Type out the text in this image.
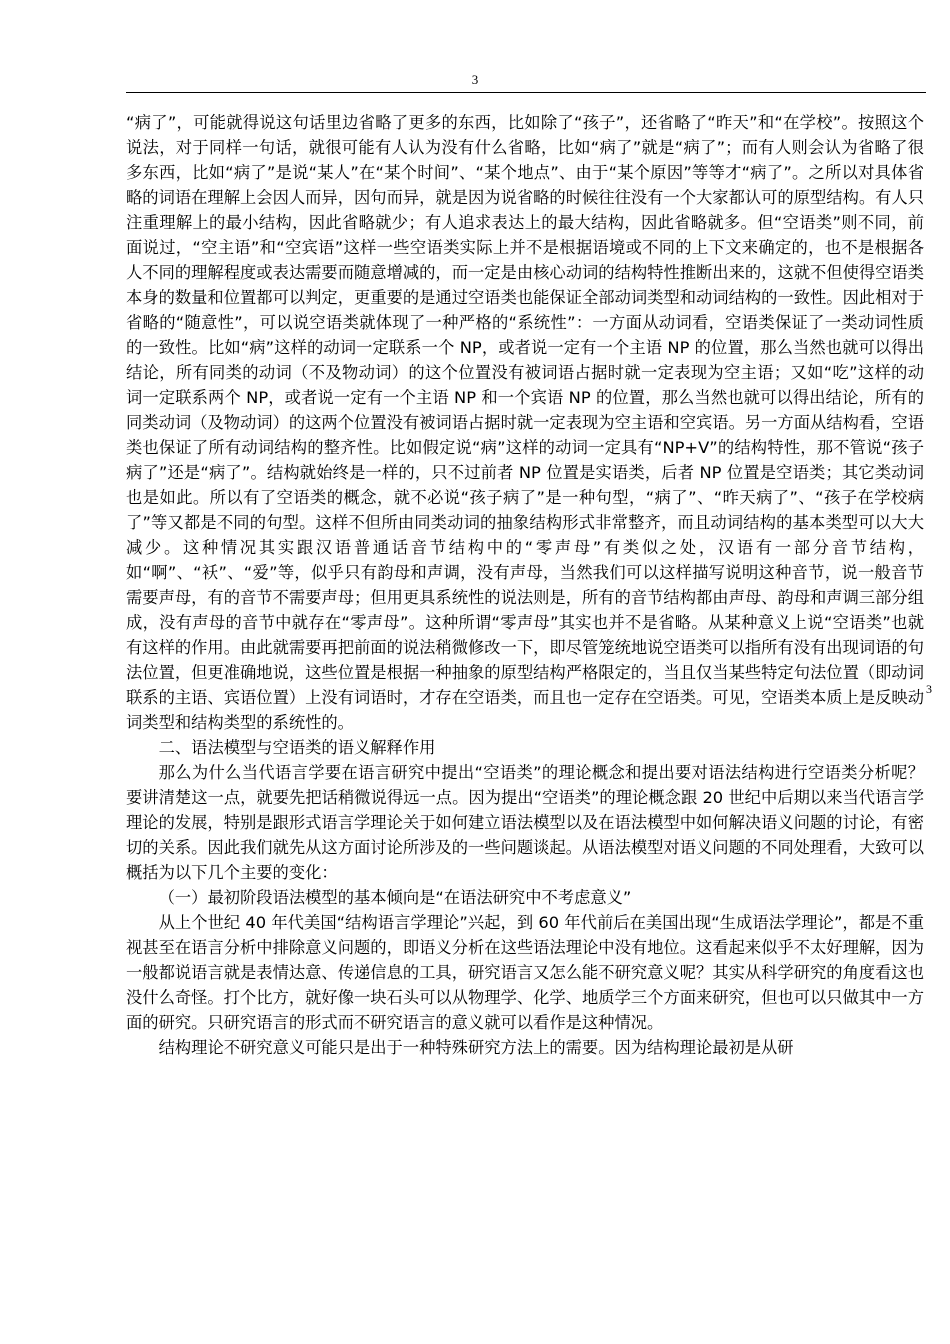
3
3

“病了”，可能就得说这句话里边省略了更多的东西，比如除了“孩子”，还省略了“昨天”和“在学校”。按照这个说法，对于同样一句话，就很可能有人认为没有什么省略，比如“病了”就是“病了”；而有人则会认为省略了很多东西，比如“病了”是说“某人”在“某个时间”、“某个地点”、由于“某个原因”等等才“病了”。之所以对具体省略的词语在理解上会因人而异，因句而异，就是因为说省略的时候往往没有一个大家都认可的原型结构。有人只注重理解上的最小结构，因此省略就少；有人追求表达上的最大结构，因此省略就多。但“空语类”则不同，前面说过，“空主语”和“空宾语”这样一些空语类实际上并不是根据语境或不同的上下文来确定的，也不是根据各人不同的理解程度或表达需要而随意增减的，而一定是由核心动词的结构特性推断出来的，这就不但使得空语类本身的数量和位置都可以判定，更重要的是通过空语类也能保证全部动词类型和动词结构的一致性。因此相对于省略的“随意性”，可以说空语类就体现了一种严格的“系统性”：一方面从动词看，空语类保证了一类动词性质的一致性。比如“病”这样的动词一定联系一个 NP，或者说一定有一个主语 NP 的位置，那么当然也就可以得出结论，所有同类的动词（不及物动词）的这个位置没有被词语占据时就一定表现为空主语；又如“吃”这样的动词一定联系两个 NP，或者说一定有一个主语 NP 和一个宾语 NP 的位置，那么当然也就可以得出结论，所有的同类动词（及物动词）的这两个位置没有被词语占据时就一定表现为空主语和空宾语。另一方面从结构看，空语类也保证了所有动词结构的整齐性。比如假定说“病”这样的动词一定具有“NP+V”的结构特性，那不管说“孩子病了”还是“病了”。结构就始终是一样的，只不过前者 NP 位置是实语类，后者 NP 位置是空语类；其它类动词也是如此。所以有了空语类的概念，就不必说“孩子病了”是一种句型，“病了”、“昨天病了”、“孩子在学校病了”等又都是不同的句型。这样不但所由同类动词的抽象结构形式非常整齐，而且动词结构的基本类型可以大大减少。这种情况其实跟汉语普通话音节结构中的“零声母”有类似之处，汉语有一部分音节结构，如“啊”、“袄”、“爱”等，似乎只有韵母和声调，没有声母，当然我们可以这样描写说明这种音节，说一般音节需要声母，有的音节不需要声母；但用更具系统性的说法则是，所有的音节结构都由声母、韵母和声调三部分组成，没有声母的音节中就存在“零声母”。这种所谓“零声母”其实也并不是省略。从某种意义上说“空语类”也就有这样的作用。由此就需要再把前面的说法稍微修改一下，即尽管笼统地说空语类可以指所有没有出现词语的句法位置，但更准确地说，这些位置是根据一种抽象的原型结构严格限定的，当且仅当某些特定句法位置（即动词联系的主语、宾语位置）上没有词语时，才存在空语类，而且也一定存在空语类。可见，空语类本质上是反映动词类型和结构类型的系统性的。

二、语法模型与空语类的语义解释作用

那么为什么当代语言学要在语言研究中提出“空语类”的理论概念和提出要对语法结构进行空语类分析呢？要讲清楚这一点，就要先把话稍微说得远一点。因为提出“空语类”的理论概念跟 20 世纪中后期以来当代语言学理论的发展，特别是跟形式语言学理论关于如何建立语法模型以及在语法模型中如何解决语义问题的讨论，有密切的关系。因此我们就先从这方面讨论所涉及的一些问题谈起。从语法模型对语义问题的不同处理看，大致可以概括为以下几个主要的变化：

（一）最初阶段语法模型的基本倾向是“在语法研究中不考虑意义”

从上个世纪 40 年代美国“结构语言学理论”兴起，到 60 年代前后在美国出现“生成语法学理论”，都是不重视甚至在语言分析中排除意义问题的，即语义分析在这些语法理论中没有地位。这看起来似乎不太好理解，因为一般都说语言就是表情达意、传递信息的工具，研究语言又怎么能不研究意义呢？其实从科学研究的角度看这也没什么奇怪。打个比方，就好像一块石头可以从物理学、化学、地质学三个方面来研究，但也可以只做其中一方面的研究。只研究语言的形式而不研究语言的意义就可以看作是这种情况。

结构理论不研究意义可能只是出于一种特殊研究方法上的需要。因为结构理论最初是从研
